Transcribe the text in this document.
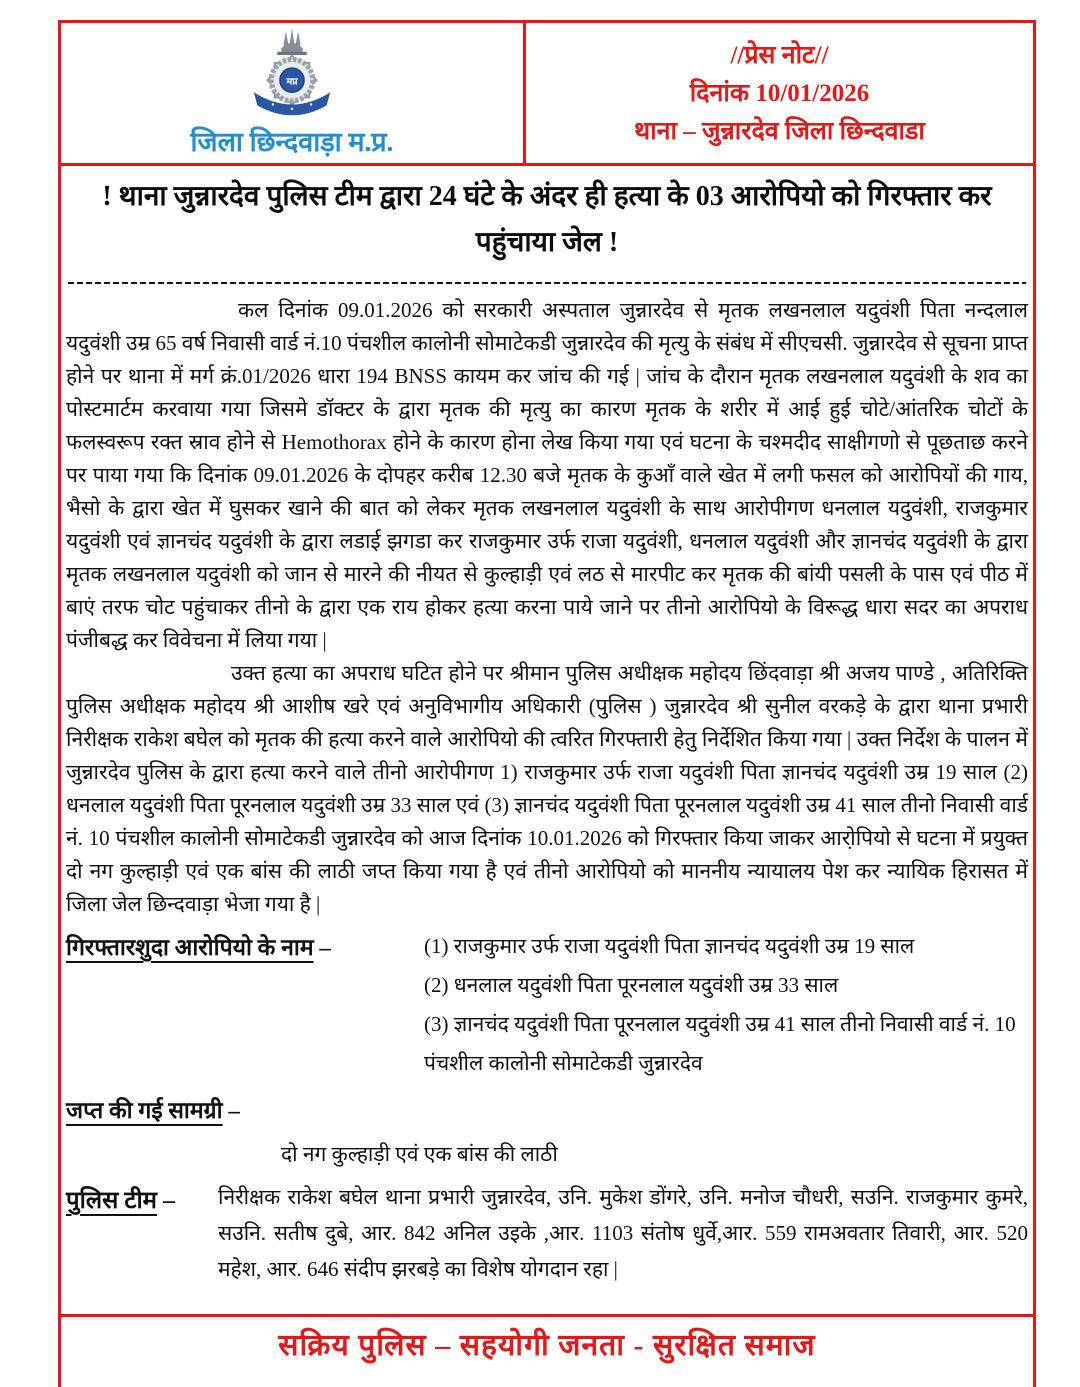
मप्र
जिला छिन्दवाड़ा म.प्र.
//प्रेस नोट//
दिनांक 10/01/2026
थाना – जुन्नारदेव जिला छिन्दवाडा
! थाना जुन्नारदेव पुलिस टीम द्वारा 24 घंटे के अंदर ही हत्या के 03 आरोपियो को गिरफ्तार कर पहुंचाया जेल !

कल दिनांक 09.01.2026 को सरकारी अस्पताल जुन्नारदेव से मृतक लखनलाल यदुवंशी पिता नन्दलाल यदुवंशी उम्र 65 वर्ष निवासी वार्ड नं.10 पंचशील कालोनी सोमाटेकडी जुन्नारदेव की मृत्यु के संबंध में सीएचसी. जुन्नारदेव से सूचना प्राप्त होने पर थाना में मर्ग क्रं.01/2026 धारा 194 BNSS कायम कर जांच की गई | जांच के दौरान मृतक लखनलाल यदुवंशी के शव का पोस्टमार्टम करवाया गया जिसमे डॉक्टर के द्वारा मृतक की मृत्यु का कारण मृतक के शरीर में आई हुई चोटे/आंतरिक चोटों के फलस्वरूप रक्त स्राव होने से Hemothorax होने के कारण होना लेख किया गया एवं घटना के चश्मदीद साक्षीगणो से पूछताछ करने पर पाया गया कि दिनांक 09.01.2026 के दोपहर करीब 12.30 बजे मृतक के कुआँ वाले खेत में लगी फसल को आरोपियों की गाय, भैसो के द्वारा खेत में घुसकर खाने की बात को लेकर मृतक लखनलाल यदुवंशी के साथ आरोपीगण धनलाल यदुवंशी, राजकुमार यदुवंशी एवं ज्ञानचंद यदुवंशी के द्वारा लडाई झगडा कर राजकुमार उर्फ राजा यदुवंशी, धनलाल यदुवंशी और ज्ञानचंद यदुवंशी के द्वारा मृतक लखनलाल यदुवंशी को जान से मारने की नीयत से कुल्हाड़ी एवं लठ से मारपीट कर मृतक की बांयी पसली के पास एवं पीठ में बाएं तरफ चोट पहुंचाकर तीनो के द्वारा एक राय होकर हत्या करना पाये जाने पर तीनो आरोपियो के विरूद्ध धारा सदर का अपराध पंजीबद्ध कर विवेचना में लिया गया |

उक्त हत्या का अपराध घटित होने पर श्रीमान पुलिस अधीक्षक महोदय छिंदवाड़ा श्री अजय पाण्डे , अतिरिक्ति पुलिस अधीक्षक महोदय श्री आशीष खरे एवं अनुविभागीय अधिकारी (पुलिस ) जुन्नारदेव श्री सुनील वरकड़े के द्वारा थाना प्रभारी निरीक्षक राकेश बघेल को मृतक की हत्या करने वाले आरोपियो की त्वरित गिरफ्तारी हेतु निर्देशित किया गया | उक्त निर्देश के पालन में जुन्नारदेव पुलिस के द्वारा हत्या करने वाले तीनो आरोपीगण 1) राजकुमार उर्फ राजा यदुवंशी पिता ज्ञानचंद यदुवंशी उम्र 19 साल (2) धनलाल यदुवंशी पिता पूरनलाल यदुवंशी उम्र 33 साल एवं (3) ज्ञानचंद यदुवंशी पिता पूरनलाल यदुवंशी उम्र 41 साल तीनो निवासी वार्ड नं. 10 पंचशील कालोनी सोमाटेकडी जुन्नारदेव को आज दिनांक 10.01.2026 को गिरफ्तार किया जाकर आरो़पियो से घटना में प्रयुक्त दो नग कुल्हाड़ी एवं एक बांस की लाठी जप्त किया गया है एवं तीनो आरोपियो को माननीय न्यायालय पेश कर न्यायिक हिरासत में जिला जेल छिन्दवाड़ा भेजा गया है |

गिरफ्तारशुदा आरोपियो के नाम –	(1) राजकुमार उर्फ राजा यदुवंशी पिता ज्ञानचंद यदुवंशी उम्र 19 साल
(2) धनलाल यदुवंशी पिता पूरनलाल यदुवंशी उम्र 33 साल
(3) ज्ञानचंद यदुवंशी पिता पूरनलाल यदुवंशी उम्र 41 साल तीनो निवासी वार्ड नं. 10 पंचशील कालोनी सोमाटेकडी जुन्नारदेव
जप्त की गई सामग्री –
दो नग कुल्हाड़ी एवं एक बांस की लाठी
पुलिस टीम –	निरीक्षक राकेश बघेल थाना प्रभारी जुन्नारदेव, उनि. मुकेश डोंगरे, उनि. मनोज चौधरी, सउनि. राजकुमार कुमरे, सउनि. सतीष दुबे, आर. 842 अनिल उइके ,आर. 1103 संतोष धुर्वे,आर. 559 रामअवतार तिवारी, आर. 520 महेश, आर. 646 संदीप झरबड़े का विशेष योगदान रहा |
सक्रिय पुलिस – सहयोगी जनता - सुरक्षित समाज
